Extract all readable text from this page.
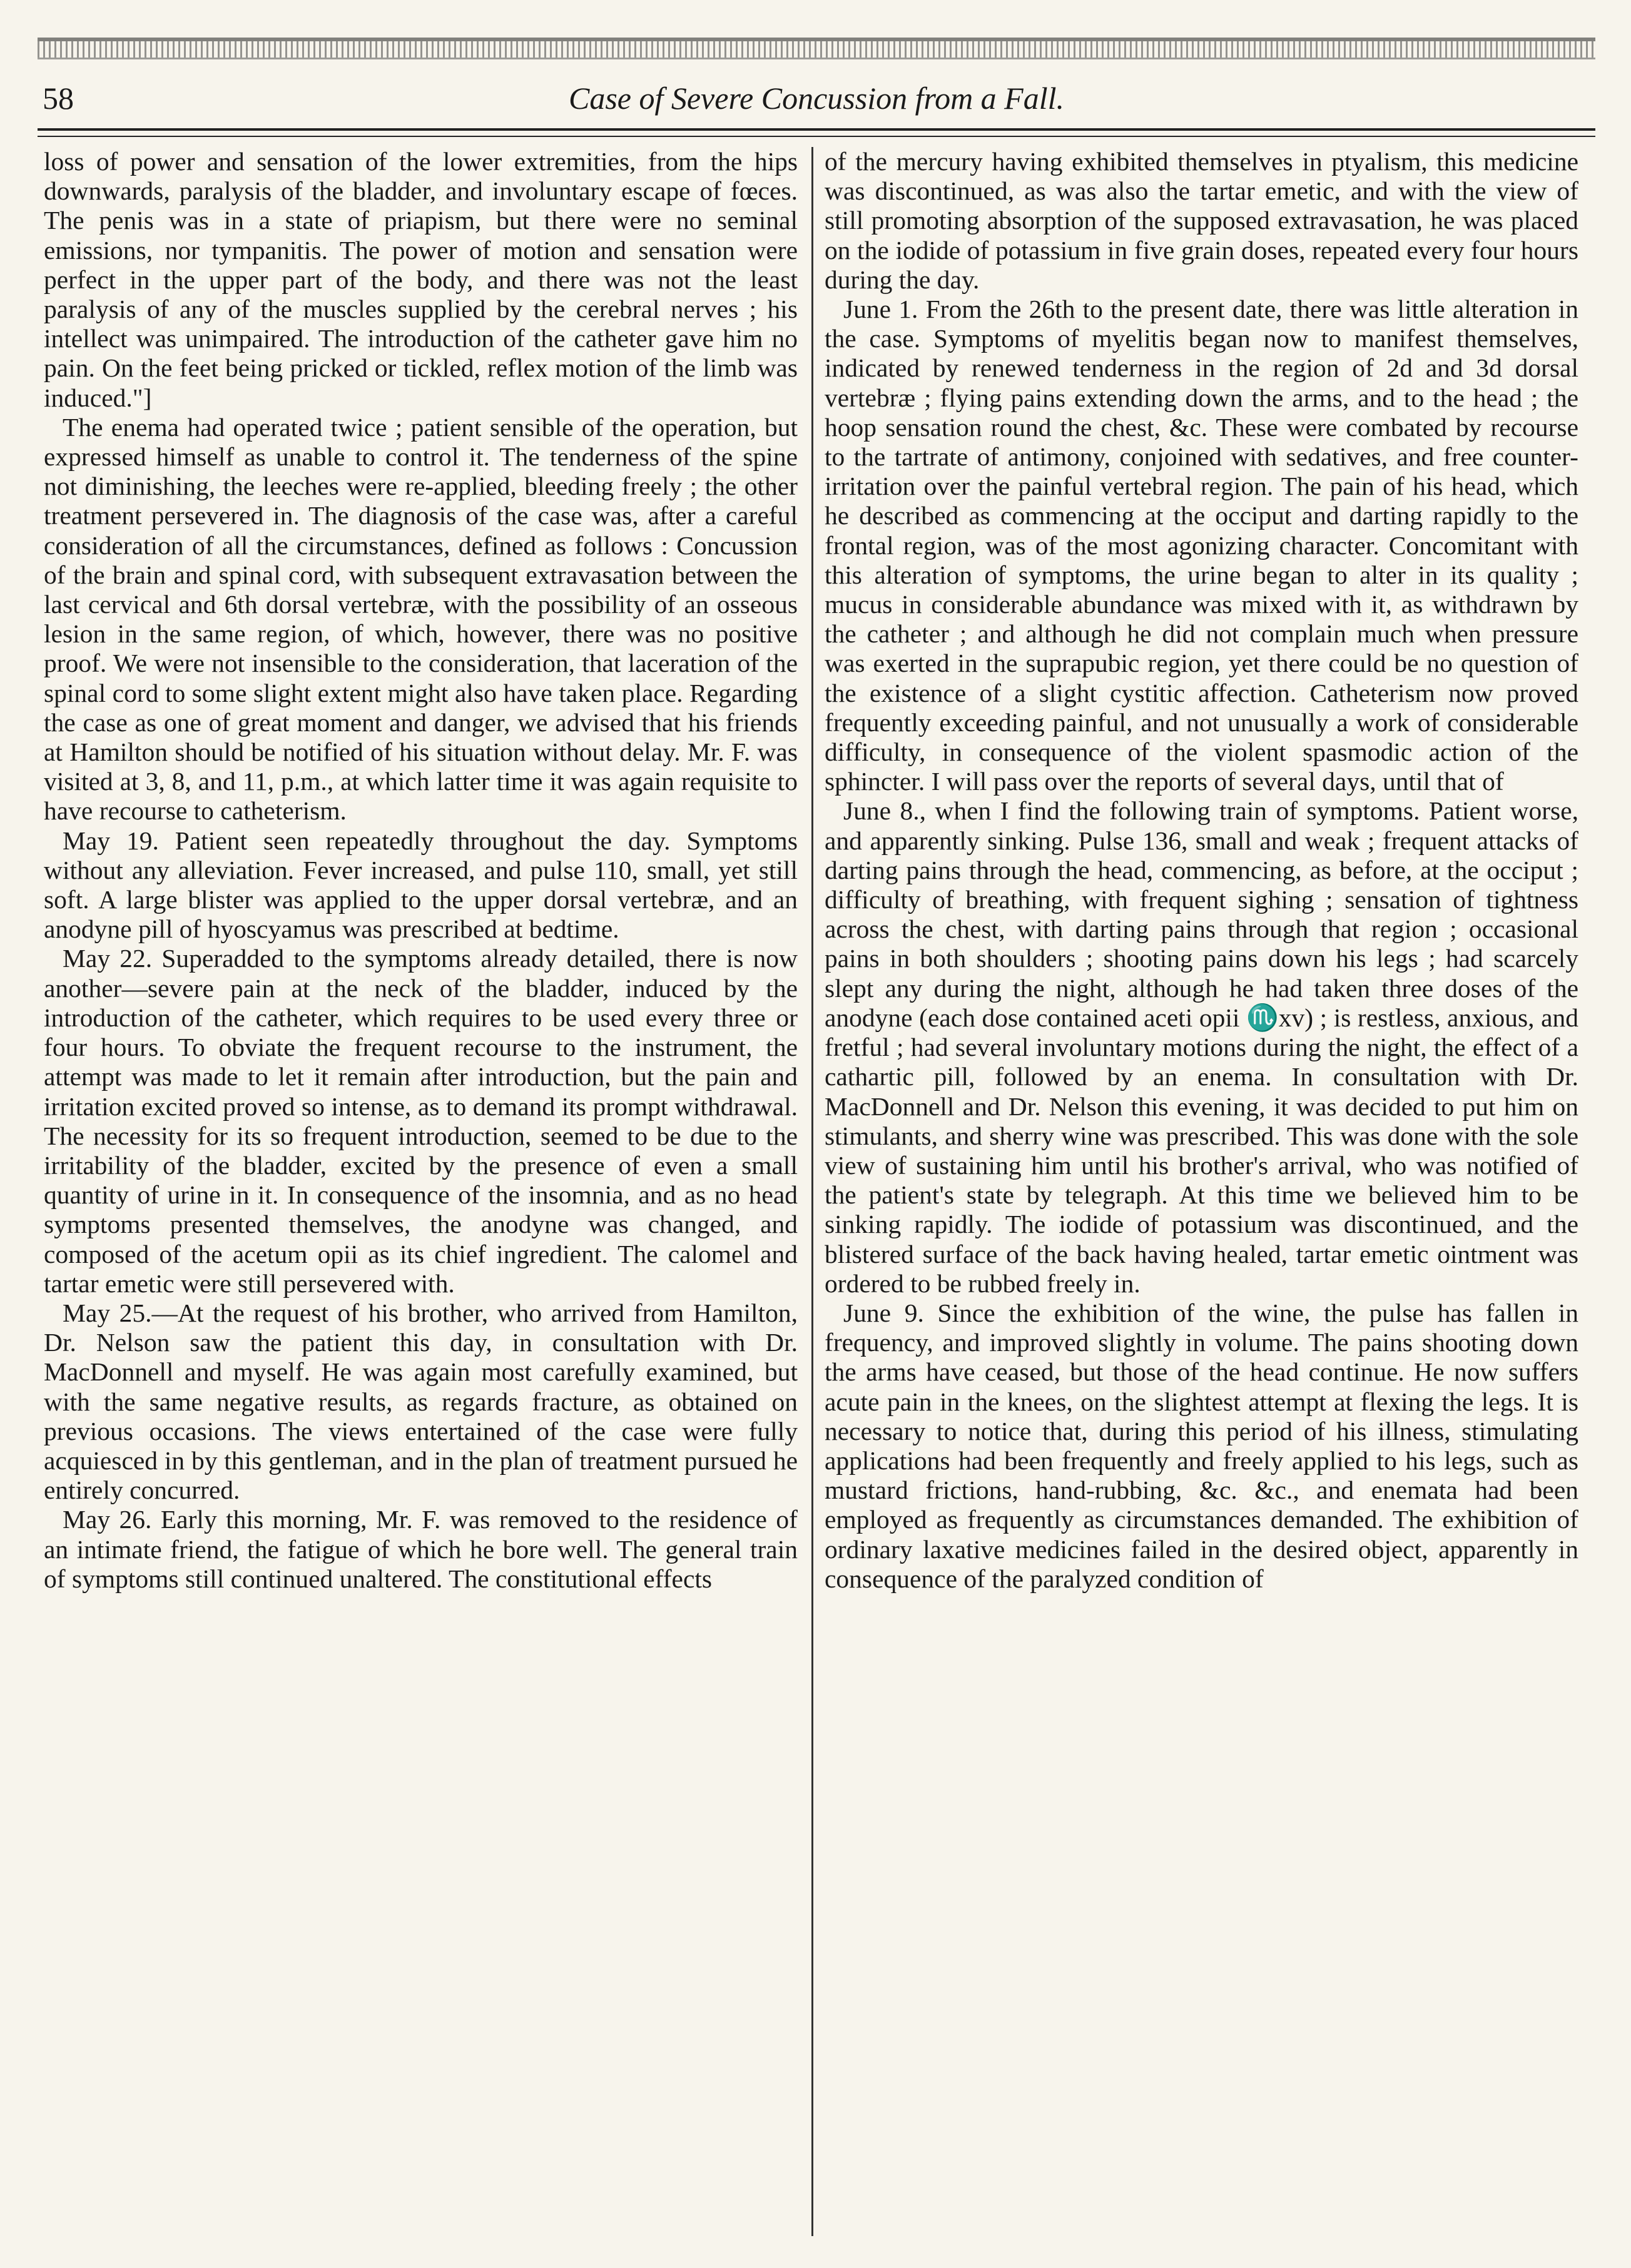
58	Case of Severe Concussion from a Fall.

loss of power and sensation of the lower extremities, from the hips downwards, paralysis of the bladder, and involuntary escape of fœces. The penis was in a state of priapism, but there were no seminal emissions, nor tympanitis. The power of motion and sensation were perfect in the upper part of the body, and there was not the least paralysis of any of the muscles supplied by the cerebral nerves ; his intellect was unimpaired. The introduction of the catheter gave him no pain. On the feet being pricked or tickled, reflex motion of the limb was induced."]

The enema had operated twice ; patient sensible of the operation, but expressed himself as unable to control it. The tenderness of the spine not diminishing, the leeches were re-applied, bleeding freely ; the other treatment persevered in. The diagnosis of the case was, after a careful consideration of all the circumstances, defined as follows : Concussion of the brain and spinal cord, with subsequent extravasation between the last cervical and 6th dorsal vertebræ, with the possibility of an osseous lesion in the same region, of which, however, there was no positive proof. We were not insensible to the consideration, that laceration of the spinal cord to some slight extent might also have taken place. Regarding the case as one of great moment and danger, we advised that his friends at Hamilton should be notified of his situation without delay. Mr. F. was visited at 3, 8, and 11, p.m., at which latter time it was again requisite to have recourse to catheterism.

May 19. Patient seen repeatedly throughout the day. Symptoms without any alleviation. Fever increased, and pulse 110, small, yet still soft. A large blister was applied to the upper dorsal vertebræ, and an anodyne pill of hyoscyamus was prescribed at bedtime.

May 22. Superadded to the symptoms already detailed, there is now another—severe pain at the neck of the bladder, induced by the introduction of the catheter, which requires to be used every three or four hours. To obviate the frequent recourse to the instrument, the attempt was made to let it remain after introduction, but the pain and irritation excited proved so intense, as to demand its prompt withdrawal. The necessity for its so frequent introduction, seemed to be due to the irritability of the bladder, excited by the presence of even a small quantity of urine in it. In consequence of the insomnia, and as no head symptoms presented themselves, the anodyne was changed, and composed of the acetum opii as its chief ingredient. The calomel and tartar emetic were still persevered with.

May 25.—At the request of his brother, who arrived from Hamilton, Dr. Nelson saw the patient this day, in consultation with Dr. MacDonnell and myself. He was again most carefully examined, but with the same negative results, as regards fracture, as obtained on previous occasions. The views entertained of the case were fully acquiesced in by this gentleman, and in the plan of treatment pursued he entirely concurred.

May 26. Early this morning, Mr. F. was removed to the residence of an intimate friend, the fatigue of which he bore well. The general train of symptoms still continued unaltered. The constitutional effects

of the mercury having exhibited themselves in ptyalism, this medicine was discontinued, as was also the tartar emetic, and with the view of still promoting absorption of the supposed extravasation, he was placed on the iodide of potassium in five grain doses, repeated every four hours during the day.

June 1. From the 26th to the present date, there was little alteration in the case. Symptoms of myelitis began now to manifest themselves, indicated by renewed tenderness in the region of 2d and 3d dorsal vertebræ ; flying pains extending down the arms, and to the head ; the hoop sensation round the chest, &c. These were combated by recourse to the tartrate of antimony, conjoined with sedatives, and free counter-irritation over the painful vertebral region. The pain of his head, which he described as commencing at the occiput and darting rapidly to the frontal region, was of the most agonizing character. Concomitant with this alteration of symptoms, the urine began to alter in its quality ; mucus in considerable abundance was mixed with it, as withdrawn by the catheter ; and although he did not complain much when pressure was exerted in the suprapubic region, yet there could be no question of the existence of a slight cystitic affection. Catheterism now proved frequently exceeding painful, and not unusually a work of considerable difficulty, in consequence of the violent spasmodic action of the sphincter. I will pass over the reports of several days, until that of

June 8., when I find the following train of symptoms. Patient worse, and apparently sinking. Pulse 136, small and weak ; frequent attacks of darting pains through the head, commencing, as before, at the occiput ; difficulty of breathing, with frequent sighing ; sensation of tightness across the chest, with darting pains through that region ; occasional pains in both shoulders ; shooting pains down his legs ; had scarcely slept any during the night, although he had taken three doses of the anodyne (each dose contained aceti opii ♏xv) ; is restless, anxious, and fretful ; had several involuntary motions during the night, the effect of a cathartic pill, followed by an enema. In consultation with Dr. MacDonnell and Dr. Nelson this evening, it was decided to put him on stimulants, and sherry wine was prescribed. This was done with the sole view of sustaining him until his brother's arrival, who was notified of the patient's state by telegraph. At this time we believed him to be sinking rapidly. The iodide of potassium was discontinued, and the blistered surface of the back having healed, tartar emetic ointment was ordered to be rubbed freely in.

June 9. Since the exhibition of the wine, the pulse has fallen in frequency, and improved slightly in volume. The pains shooting down the arms have ceased, but those of the head continue. He now suffers acute pain in the knees, on the slightest attempt at flexing the legs. It is necessary to notice that, during this period of his illness, stimulating applications had been frequently and freely applied to his legs, such as mustard frictions, hand-rubbing, &c. &c., and enemata had been employed as frequently as circumstances demanded. The exhibition of ordinary laxative medicines failed in the desired object, apparently in consequence of the paralyzed condition of
